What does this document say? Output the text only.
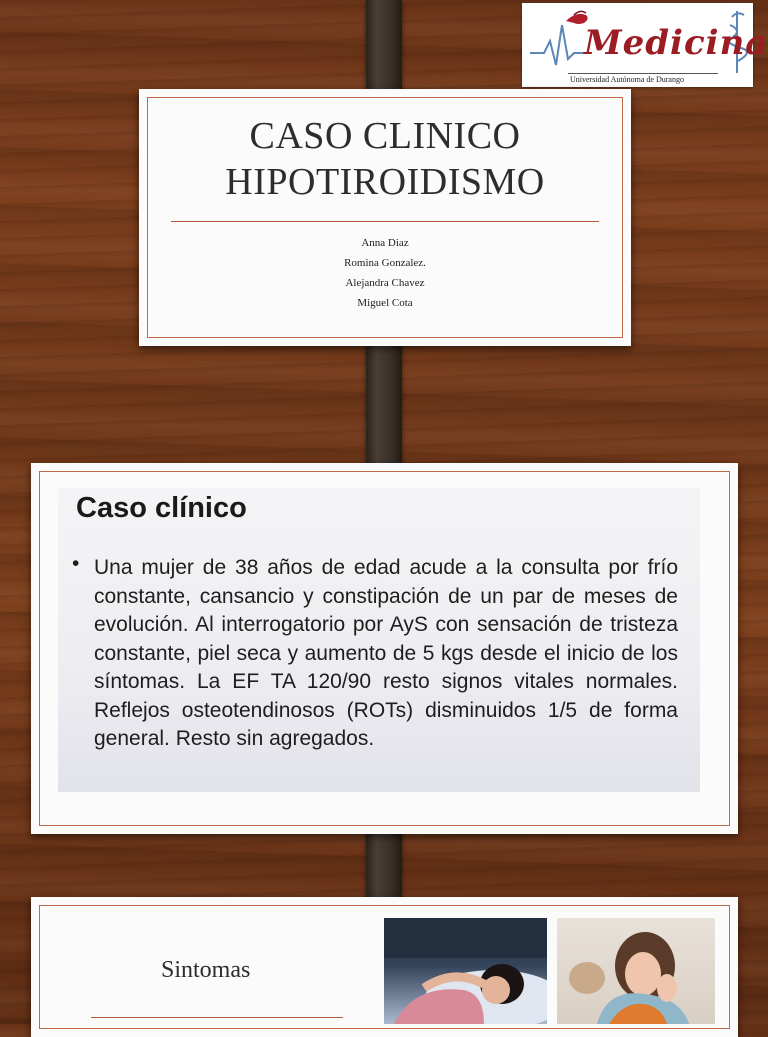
Medicina
Universidad Autónoma de Durango
CASO CLINICO
HIPOTIROIDISMO
Anna Diaz
Romina Gonzalez.
Alejandra Chavez
Miguel Cota
Caso clínico
• Una mujer de 38 años de edad acude a la consulta por frío constante, cansancio y constipación de un par de meses de evolución. Al interrogatorio por AyS con sensación de tristeza constante, piel seca y aumento de 5 kgs desde el inicio de los síntomas. La EF TA 120/90 resto signos vitales normales. Reflejos osteotendinosos (ROTs) disminuidos 1/5 de forma general. Resto sin agregados.
Sintomas
